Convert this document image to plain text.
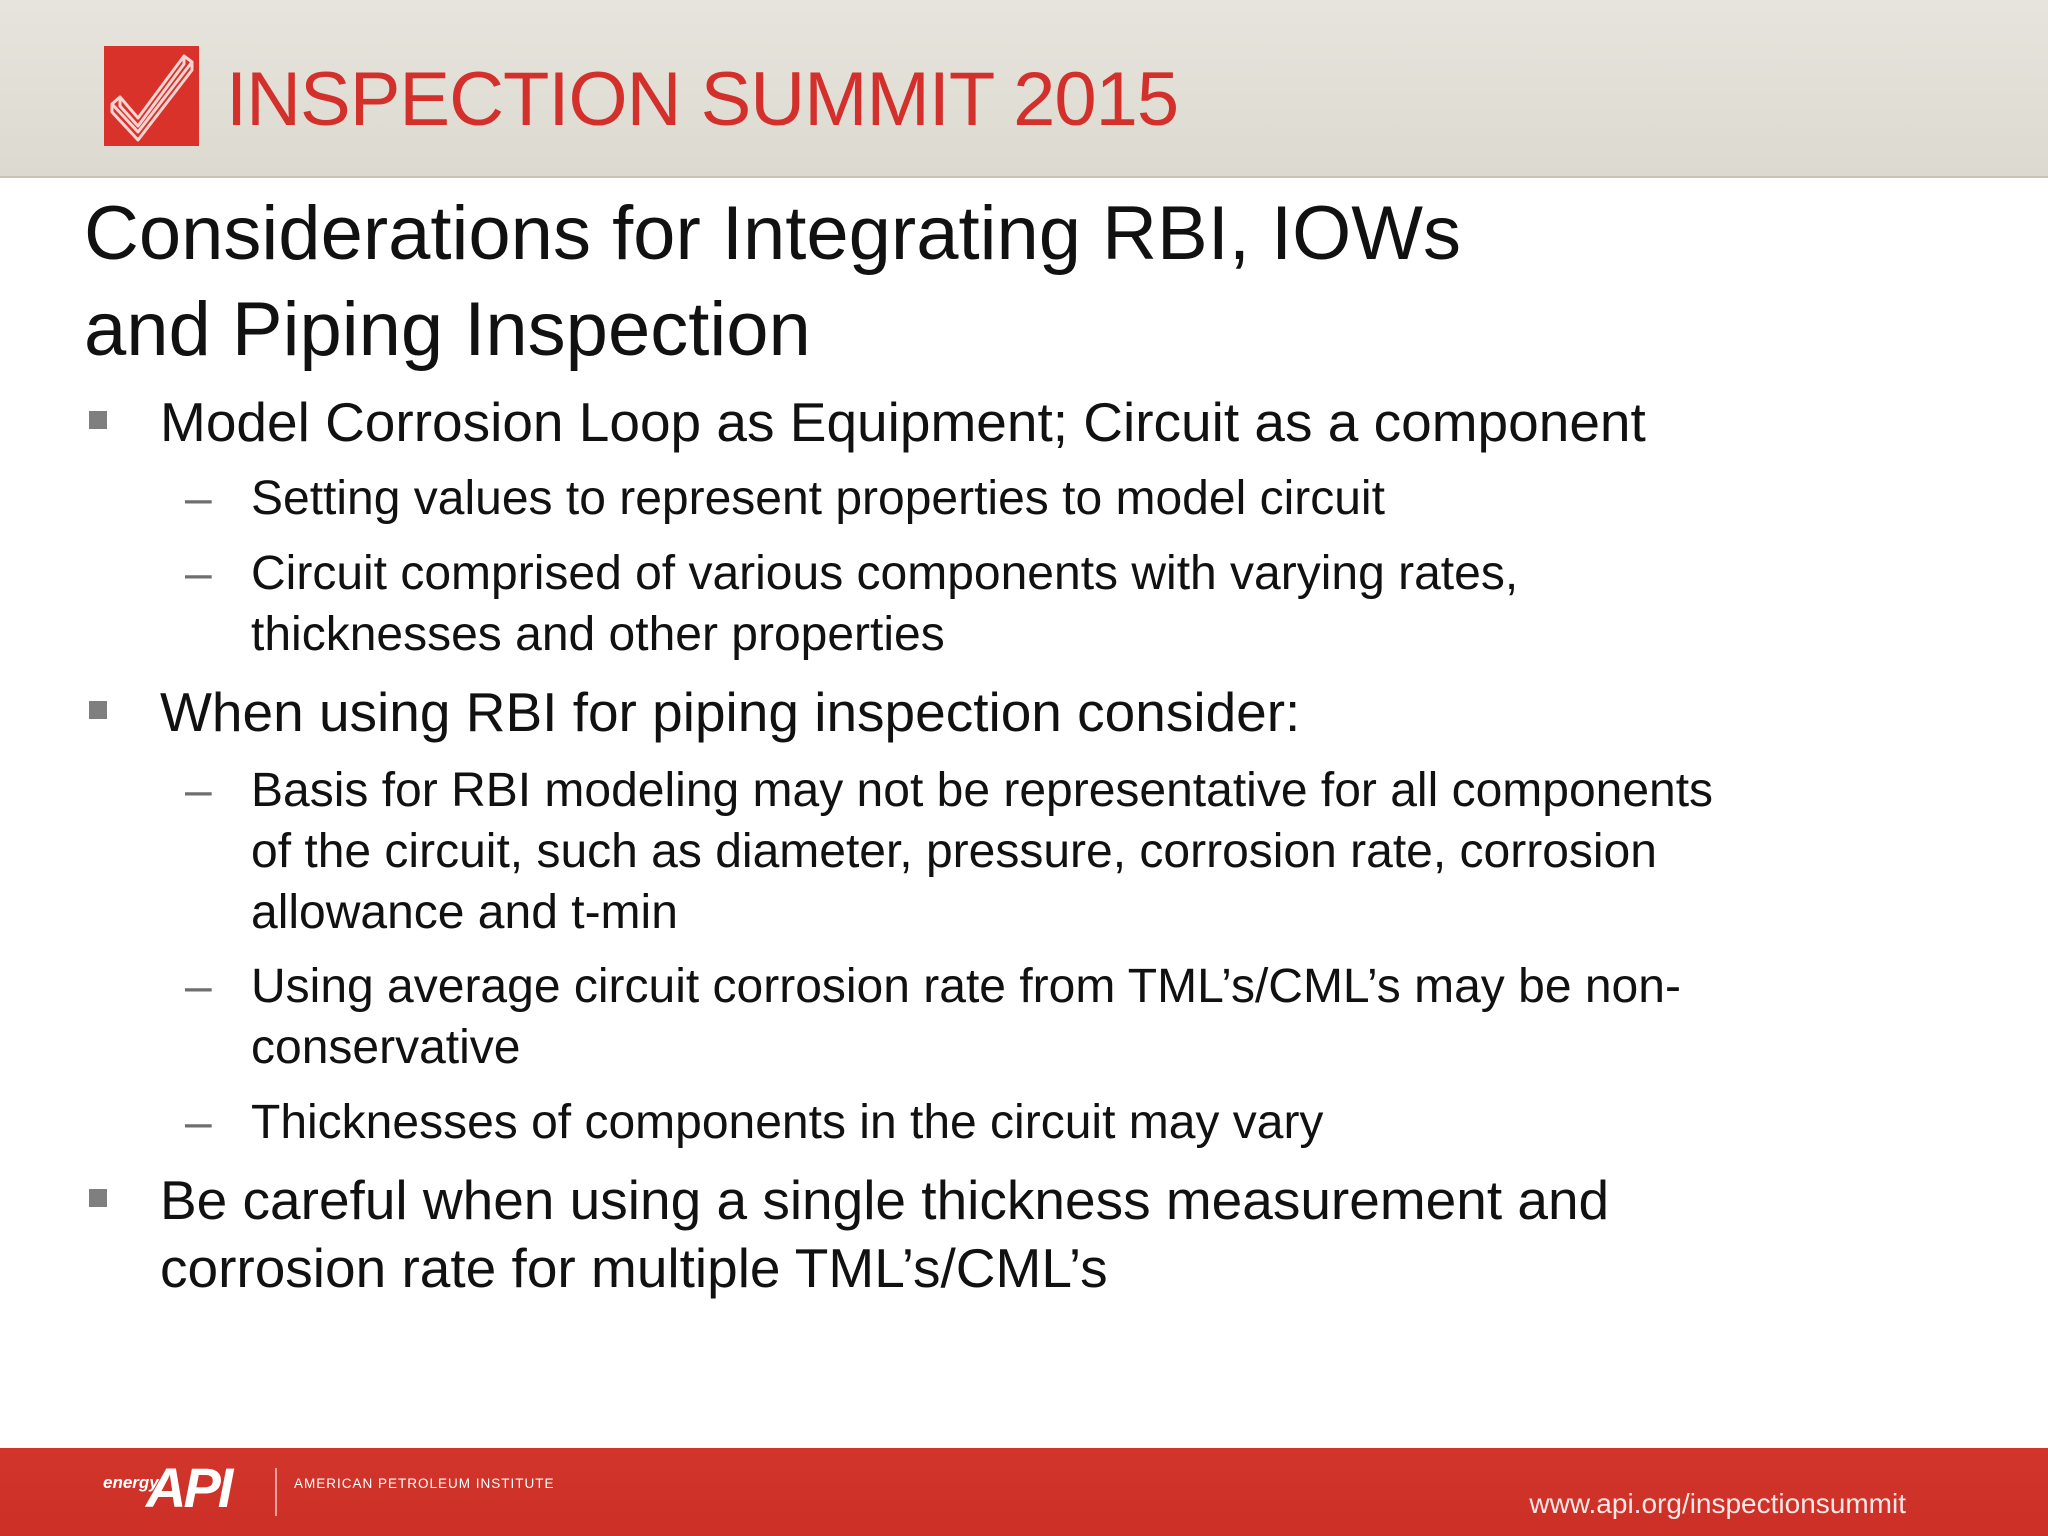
INSPECTION SUMMIT 2015
Considerations for Integrating RBI, IOWs
and Piping Inspection
Model Corrosion Loop as Equipment; Circuit as a component
– Setting values to represent properties to model circuit
– Circuit comprised of various components with varying rates,
thicknesses and other properties
When using RBI for piping inspection consider:
– Basis for RBI modeling may not be representative for all components
of the circuit, such as diameter, pressure, corrosion rate, corrosion
allowance and t-min
– Using average circuit corrosion rate from TML’s/CML’s may be non-
conservative
– Thicknesses of components in the circuit may vary
Be careful when using a single thickness measurement and
corrosion rate for multiple TML’s/CML’s
energy
API	AMERICAN PETROLEUM INSTITUTE
www.api.org/inspectionsummit
